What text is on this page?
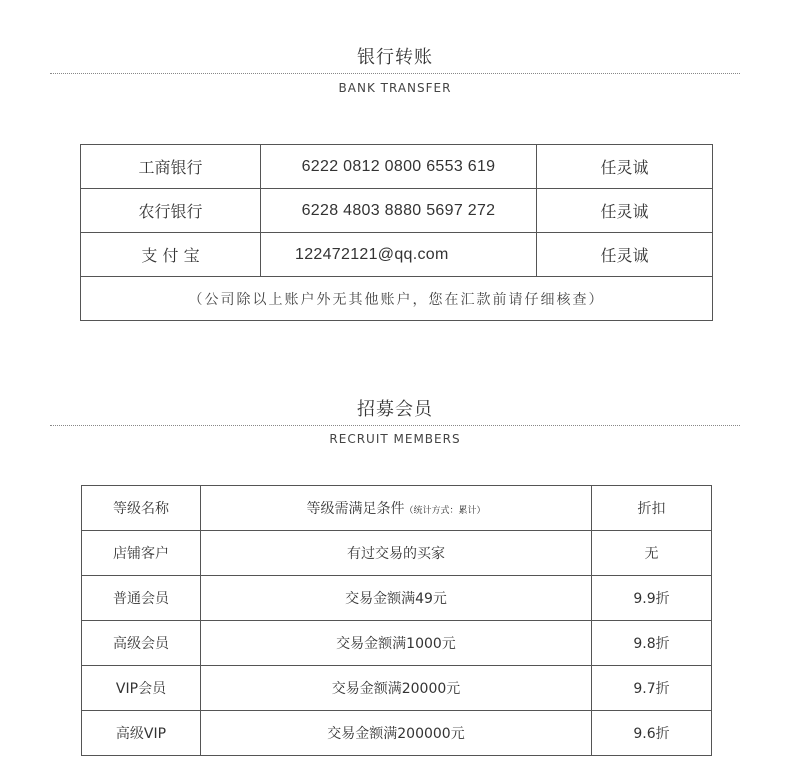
银行转账
BANK TRANSFER
工商银行	6222 0812 0800 6553 619	任灵诚
农行银行	6228 4803 8880 5697 272	任灵诚
支 付 宝	122472121@qq.com	任灵诚
（公司除以上账户外无其他账户，您在汇款前请仔细核查）		
招募会员
RECRUIT MEMBERS
等级名称	等级需满足条件（统计方式：累计）	折扣
店铺客户	有过交易的买家	无
普通会员	交易金额满49元	9.9折
高级会员	交易金额满1000元	9.8折
VIP会员	交易金额满20000元	9.7折
高级VIP	交易金额满200000元	9.6折
